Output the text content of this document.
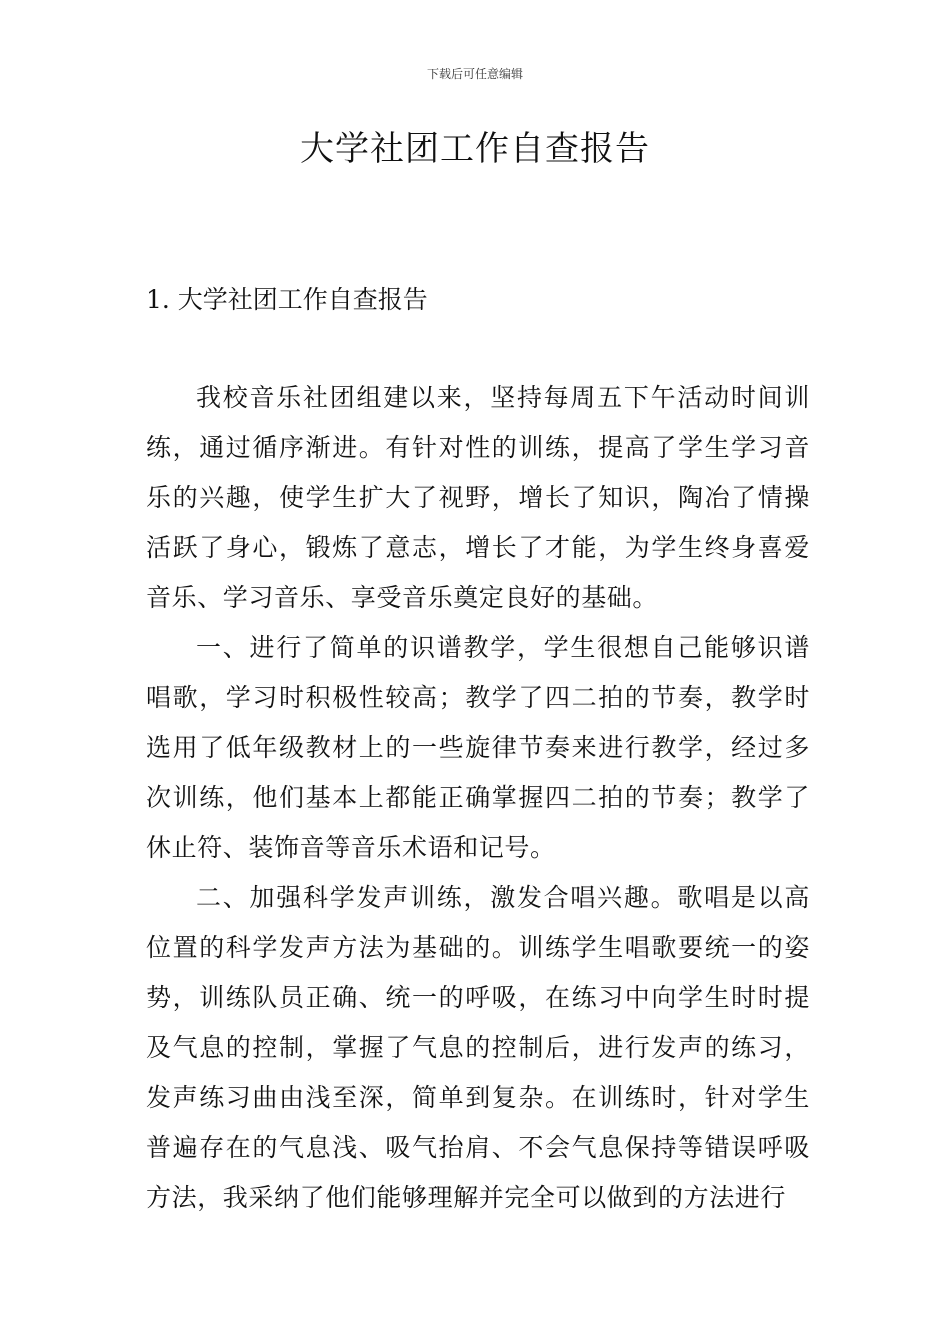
下载后可任意编辑
大学社团工作自查报告
1. 大学社团工作自查报告

我校音乐社团组建以来，坚持每周五下午活动时间训练，通过循序渐进。有针对性的训练，提高了学生学习音乐的兴趣，使学生扩大了视野，增长了知识，陶冶了情操活跃了身心，锻炼了意志，增长了才能，为学生终身喜爱音乐、学习音乐、享受音乐奠定良好的基础。

一、进行了简单的识谱教学，学生很想自己能够识谱唱歌，学习时积极性较高；教学了四二拍的节奏，教学时选用了低年级教材上的一些旋律节奏来进行教学，经过多次训练，他们基本上都能正确掌握四二拍的节奏；教学了休止符、装饰音等音乐术语和记号。

二、加强科学发声训练，激发合唱兴趣。歌唱是以高位置的科学发声方法为基础的。训练学生唱歌要统一的姿势，训练队员正确、统一的呼吸，在练习中向学生时时提及气息的控制，掌握了气息的控制后，进行发声的练习，发声练习曲由浅至深，简单到复杂。在训练时，针对学生普遍存在的气息浅、吸气抬肩、不会气息保持等错误呼吸方法，我采纳了他们能够理解并完全可以做到的方法进行
